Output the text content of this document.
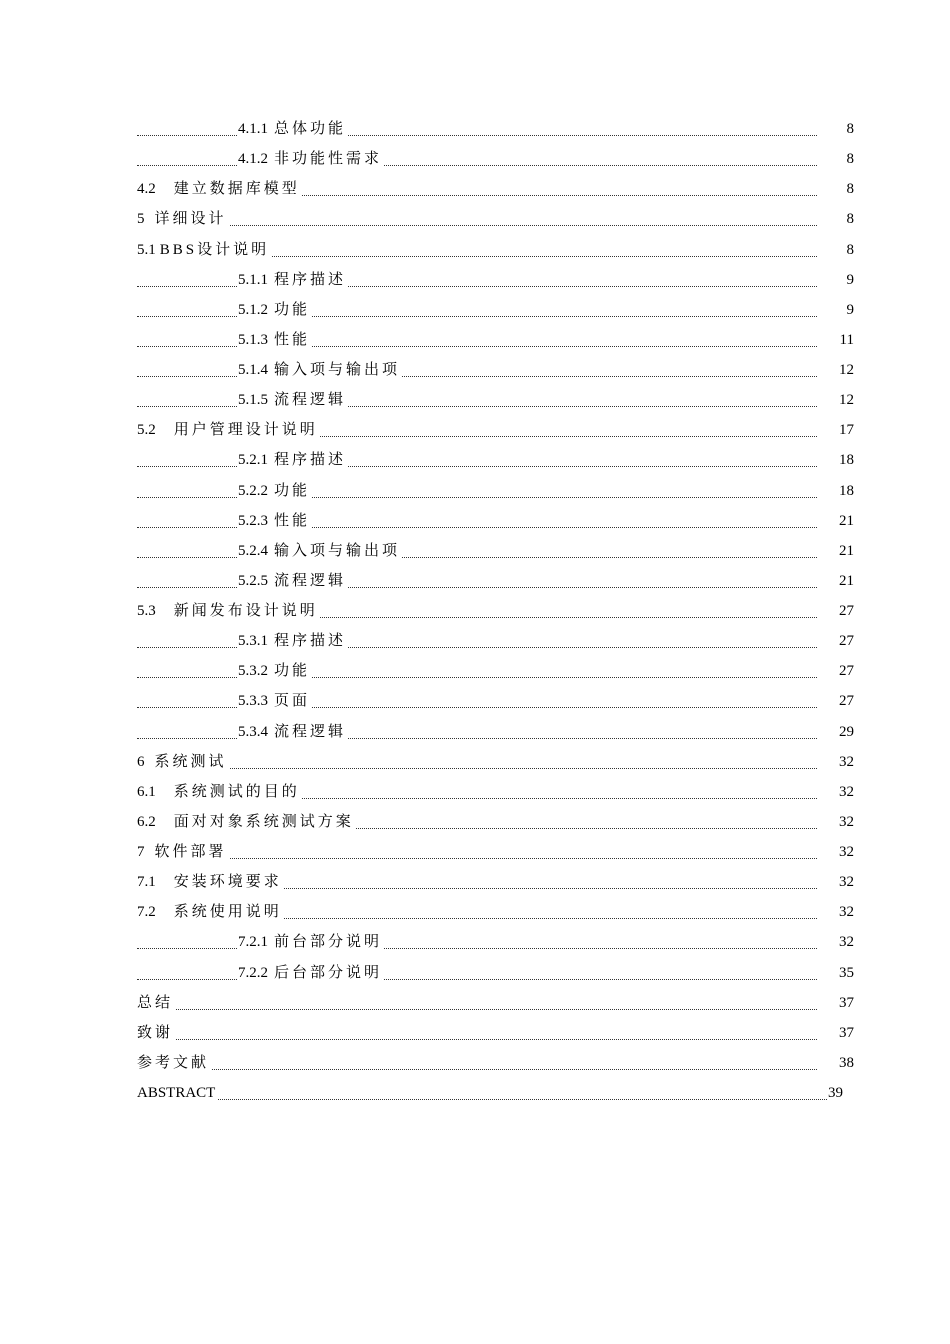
4.1.1 总体功能	8
4.1.2 非功能性需求	8
4.2 建立数据库模型	8
5 详细设计	8
5.1 BBS设计说明	8
5.1.1 程序描述	9
5.1.2 功能	9
5.1.3 性能	11
5.1.4 输入项与输出项	12
5.1.5 流程逻辑	12
5.2 用户管理设计说明	17
5.2.1 程序描述	18
5.2.2 功能	18
5.2.3 性能	21
5.2.4 输入项与输出项	21
5.2.5 流程逻辑	21
5.3 新闻发布设计说明	27
5.3.1 程序描述	27
5.3.2 功能	27
5.3.3 页面	27
5.3.4 流程逻辑	29
6 系统测试	32
6.1 系统测试的目的	32
6.2 面对对象系统测试方案	32
7 软件部署	32
7.1 安装环境要求	32
7.2 系统使用说明	32
7.2.1 前台部分说明	32
7.2.2 后台部分说明	35
总结	37
致谢	37
参考文献	38
ABSTRACT	39
